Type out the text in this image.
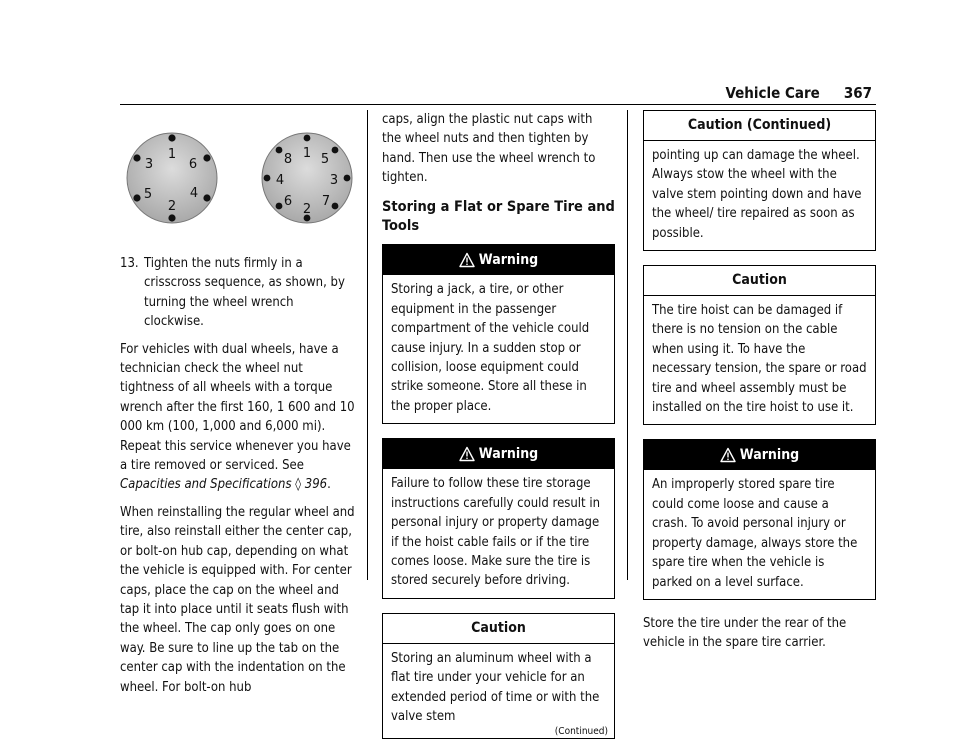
Vehicle Care 367
1
6
4
2
5
3
1 5
3
7
2
6
4
8
13. Tighten the nuts firmly in a crisscross sequence, as shown, by turning the wheel wrench clockwise.

For vehicles with dual wheels, have a technician check the wheel nut tightness of all wheels with a torque wrench after the first 160, 1 600 and 10 000 km (100, 1,000 and 6,000 mi). Repeat this service whenever you have a tire removed or serviced. See Capacities and Specifications ◊ 396.

When reinstalling the regular wheel and tire, also reinstall either the center cap, or bolt-on hub cap, depending on what the vehicle is equipped with. For center caps, place the cap on the wheel and tap it into place until it seats flush with the wheel. The cap only goes on one way. Be sure to line up the tab on the center cap with the indentation on the wheel. For bolt-on hub

caps, align the plastic nut caps with the wheel nuts and then tighten by hand. Then use the wheel wrench to tighten.
Storing a Flat or Spare Tire and Tools
Warning
Storing a jack, a tire, or other equipment in the passenger compartment of the vehicle could cause injury. In a sudden stop or collision, loose equipment could strike someone. Store all these in the proper place.
Warning
Failure to follow these tire storage instructions carefully could result in personal injury or property damage if the hoist cable fails or if the tire comes loose. Make sure the tire is stored securely before driving.
Caution
Storing an aluminum wheel with a flat tire under your vehicle for an extended period of time or with the valve stem
(Continued)
Caution (Continued)
pointing up can damage the wheel. Always stow the wheel with the valve stem pointing down and have the wheel/ tire repaired as soon as possible.
Caution
The tire hoist can be damaged if there is no tension on the cable when using it. To have the necessary tension, the spare or road tire and wheel assembly must be installed on the tire hoist to use it.
Warning
An improperly stored spare tire could come loose and cause a crash. To avoid personal injury or property damage, always store the spare tire when the vehicle is parked on a level surface.

Store the tire under the rear of the vehicle in the spare tire carrier.
